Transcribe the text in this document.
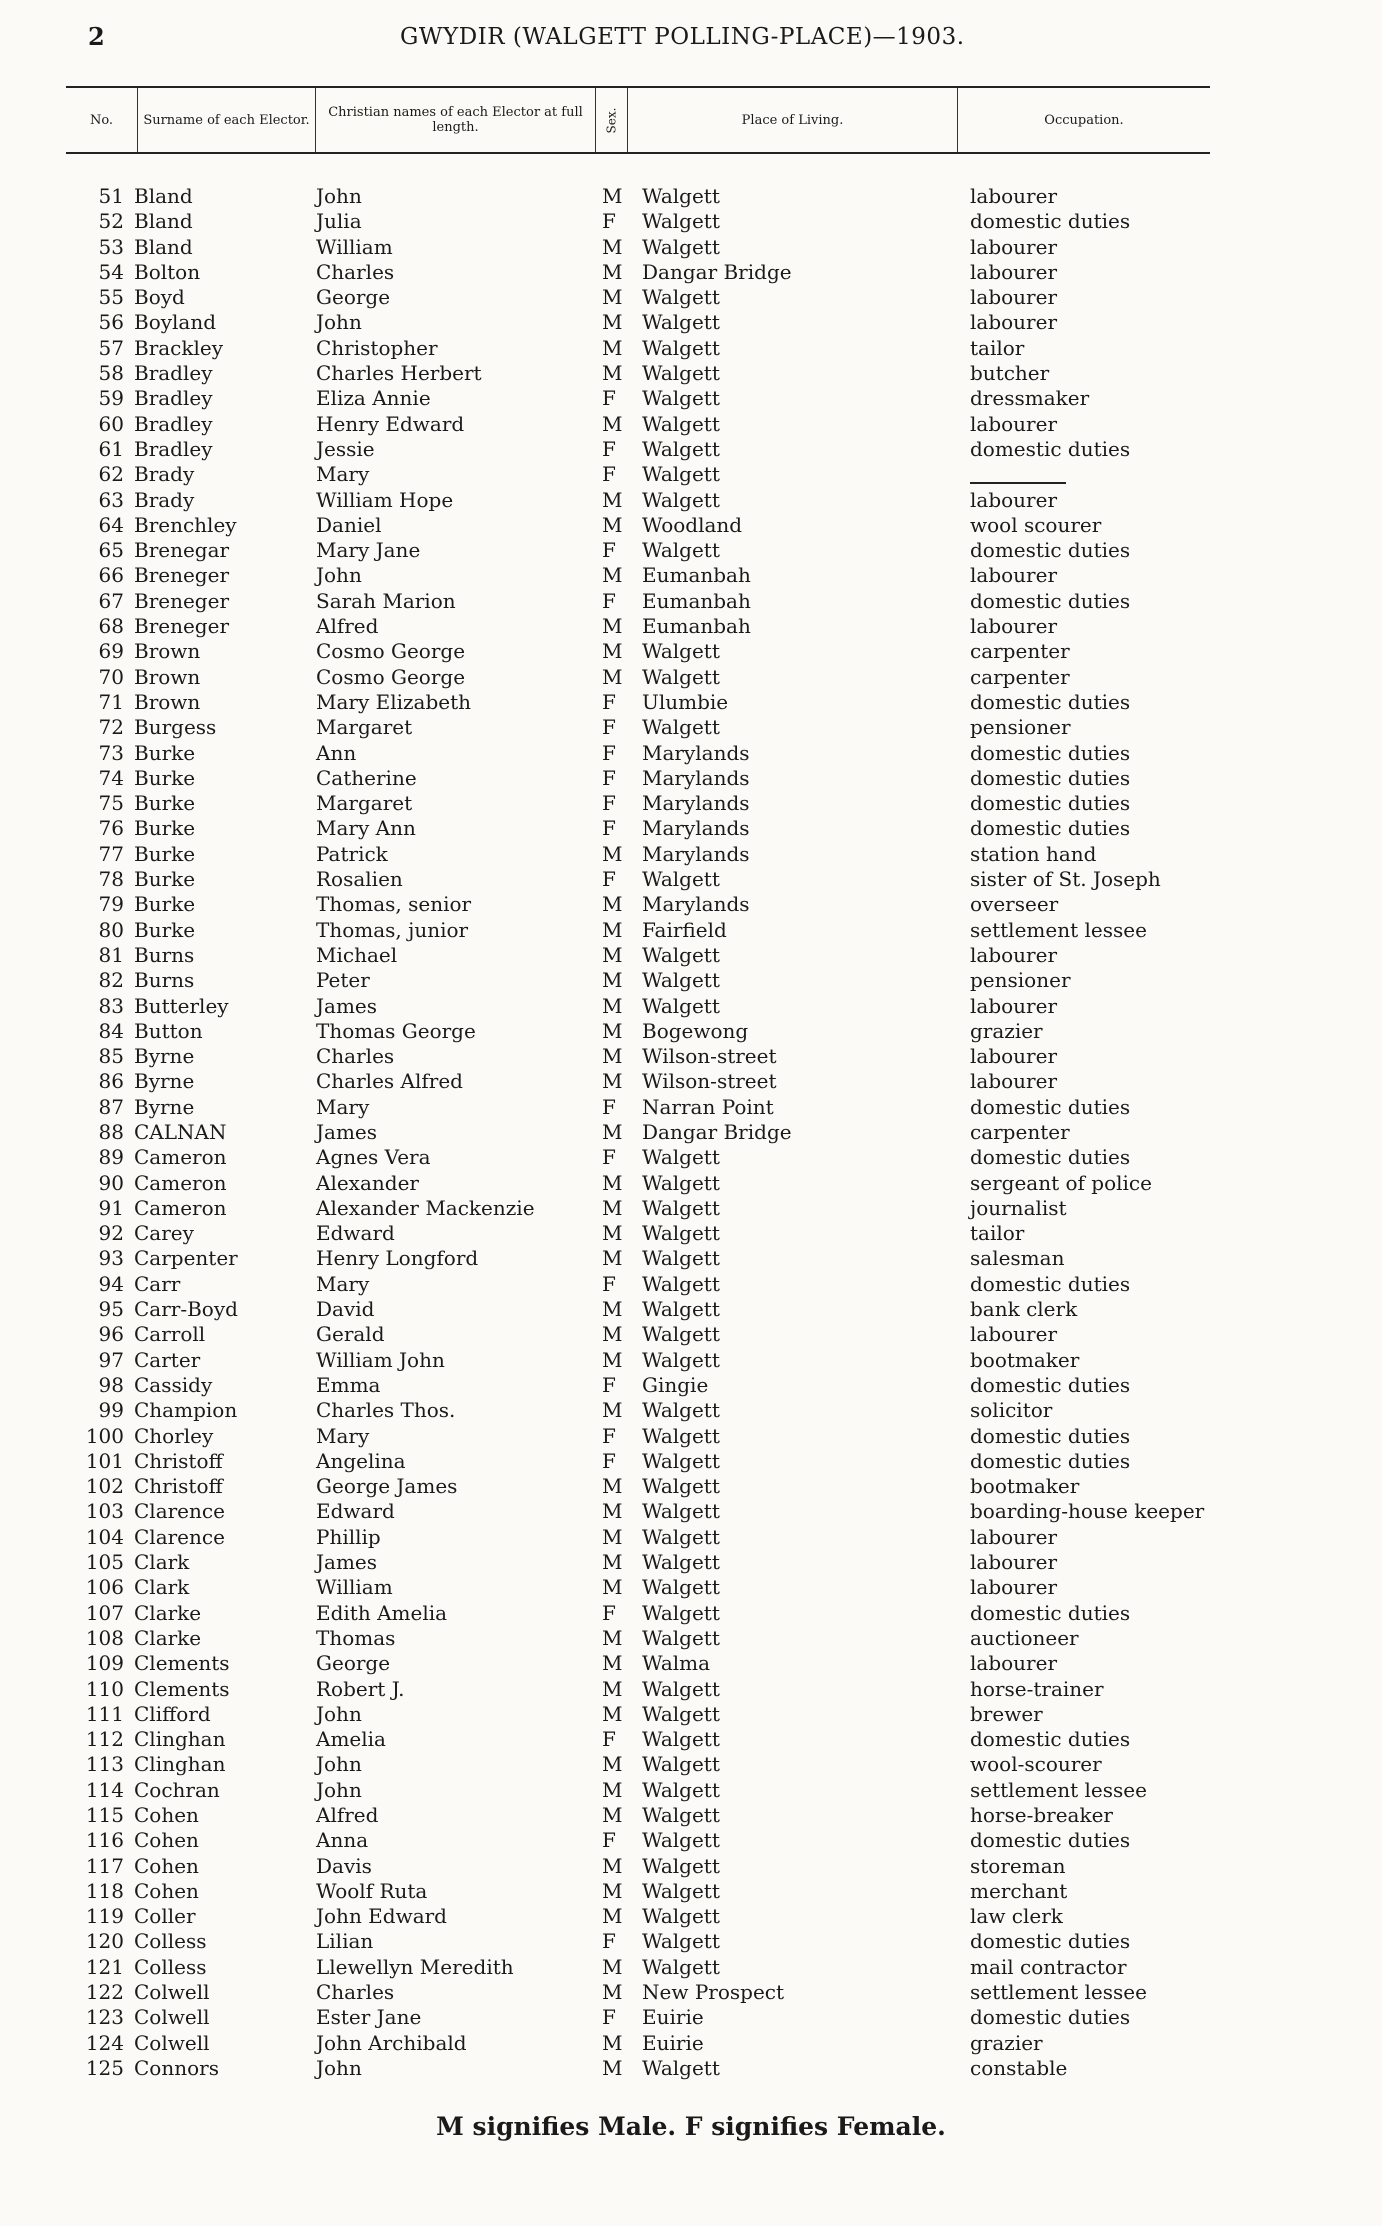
2	GWYDIR (WALGETT POLLING-PLACE)—1903.
No.	Surname of each Elector.	Christian names of each Elector at full length.	Sex.	Place of Living.	Occupation.
51 Bland	John	M Walgett	labourer
52 Bland	Julia	F Walgett	domestic duties
53 Bland	William	M Walgett	labourer
54 Bolton	Charles	M Dangar Bridge	labourer
55 Boyd	George	M Walgett	labourer
56 Boyland	John	M Walgett	labourer
57 Brackley	Christopher	M Walgett	tailor
58 Bradley	Charles Herbert	M Walgett	butcher
59 Bradley	Eliza Annie	F Walgett	dressmaker
60 Bradley	Henry Edward	M Walgett	labourer
61 Bradley	Jessie	F Walgett	domestic duties
62 Brady	Mary	F Walgett
63 Brady	William Hope	M Walgett	labourer
64 Brenchley	Daniel	M Woodland	wool scourer
65 Brenegar	Mary Jane	F Walgett	domestic duties
66 Breneger	John	M Eumanbah	labourer
67 Breneger	Sarah Marion	F Eumanbah	domestic duties
68 Breneger	Alfred	M Eumanbah	labourer
69 Brown	Cosmo George	M Walgett	carpenter
70 Brown	Cosmo George	M Walgett	carpenter
71 Brown	Mary Elizabeth	F Ulumbie	domestic duties
72 Burgess	Margaret	F Walgett	pensioner
73 Burke	Ann	F Marylands	domestic duties
74 Burke	Catherine	F Marylands	domestic duties
75 Burke	Margaret	F Marylands	domestic duties
76 Burke	Mary Ann	F Marylands	domestic duties
77 Burke	Patrick	M Marylands	station hand
78 Burke	Rosalien	F Walgett	sister of St. Joseph
79 Burke	Thomas, senior	M Marylands	overseer
80 Burke	Thomas, junior	M Fairfield	settlement lessee
81 Burns	Michael	M Walgett	labourer
82 Burns	Peter	M Walgett	pensioner
83 Butterley	James	M Walgett	labourer
84 Button	Thomas George	M Bogewong	grazier
85 Byrne	Charles	M Wilson-street	labourer
86 Byrne	Charles Alfred	M Wilson-street	labourer
87 Byrne	Mary	F Narran Point	domestic duties
88 CALNAN	James	M Dangar Bridge	carpenter
89 Cameron	Agnes Vera	F Walgett	domestic duties
90 Cameron	Alexander	M Walgett	sergeant of police
91 Cameron	Alexander Mackenzie	M Walgett	journalist
92 Carey	Edward	M Walgett	tailor
93 Carpenter	Henry Longford	M Walgett	salesman
94 Carr	Mary	F Walgett	domestic duties
95 Carr-Boyd	David	M Walgett	bank clerk
96 Carroll	Gerald	M Walgett	labourer
97 Carter	William John	M Walgett	bootmaker
98 Cassidy	Emma	F Gingie	domestic duties
99 Champion	Charles Thos.	M Walgett	solicitor
100 Chorley	Mary	F Walgett	domestic duties
101 Christoff	Angelina	F Walgett	domestic duties
102 Christoff	George James	M Walgett	bootmaker
103 Clarence	Edward	M Walgett	boarding-house keeper
104 Clarence	Phillip	M Walgett	labourer
105 Clark	James	M Walgett	labourer
106 Clark	William	M Walgett	labourer
107 Clarke	Edith Amelia	F Walgett	domestic duties
108 Clarke	Thomas	M Walgett	auctioneer
109 Clements	George	M Walma	labourer
110 Clements	Robert J.	M Walgett	horse-trainer
111 Clifford	John	M Walgett	brewer
112 Clinghan	Amelia	F Walgett	domestic duties
113 Clinghan	John	M Walgett	wool-scourer
114 Cochran	John	M Walgett	settlement lessee
115 Cohen	Alfred	M Walgett	horse-breaker
116 Cohen	Anna	F Walgett	domestic duties
117 Cohen	Davis	M Walgett	storeman
118 Cohen	Woolf Ruta	M Walgett	merchant
119 Coller	John Edward	M Walgett	law clerk
120 Colless	Lilian	F Walgett	domestic duties
121 Colless	Llewellyn Meredith	M Walgett	mail contractor
122 Colwell	Charles	M New Prospect	settlement lessee
123 Colwell	Ester Jane	F Euirie	domestic duties
124 Colwell	John Archibald	M Euirie	grazier
125 Connors	John	M Walgett	constable
M signifies Male. F signifies Female.
